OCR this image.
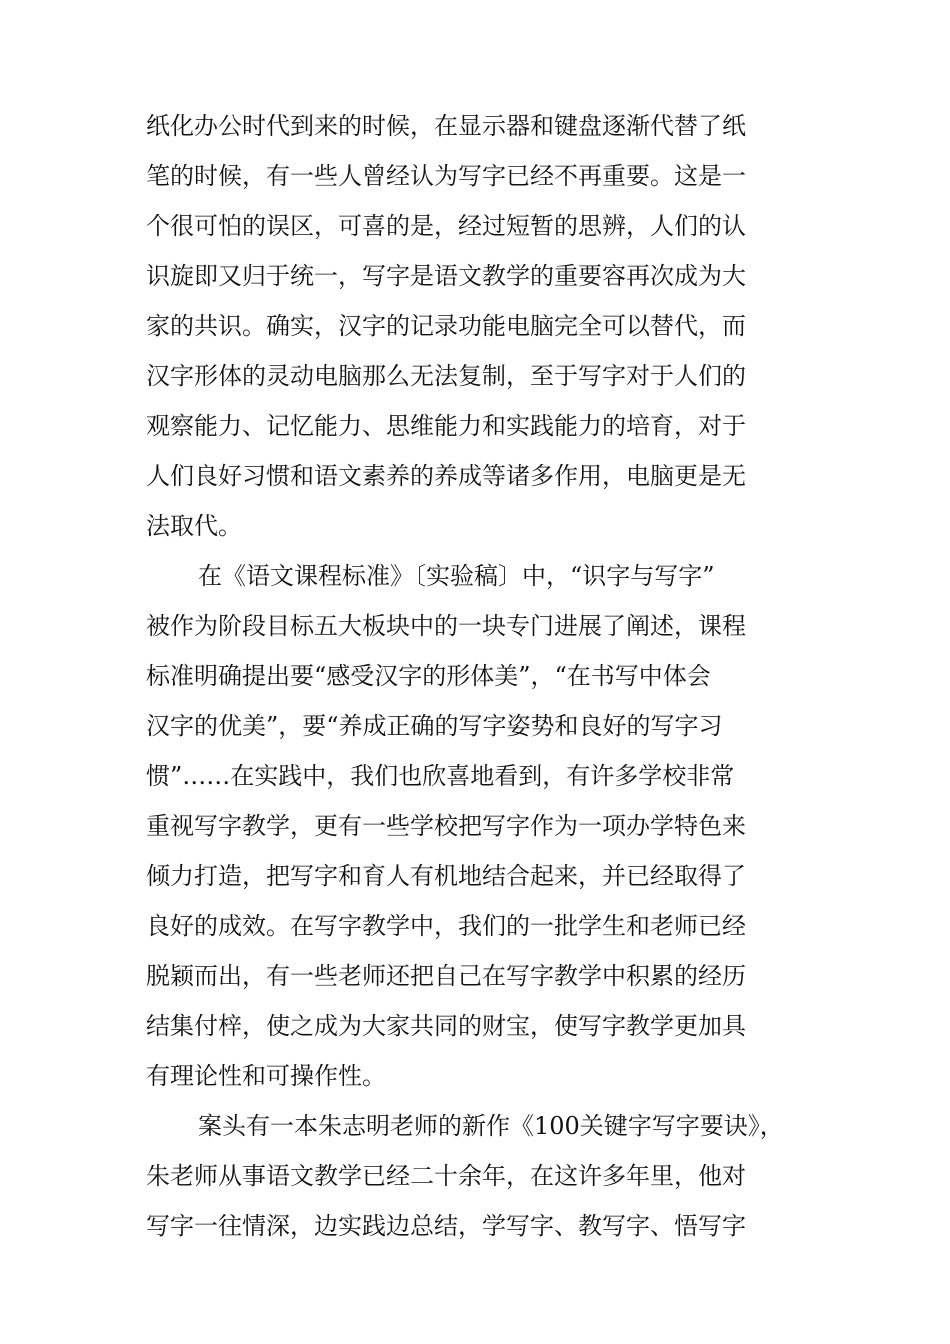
纸化办公时代到来的时候，在显示器和键盘逐渐代替了纸
笔的时候，有一些人曾经认为写字已经不再重要。这是一
个很可怕的误区，可喜的是，经过短暂的思辨，人们的认
识旋即又归于统一，写字是语文教学的重要容再次成为大
家的共识。确实，汉字的记录功能电脑完全可以替代，而
汉字形体的灵动电脑那么无法复制，至于写字对于人们的
观察能力、记忆能力、思维能力和实践能力的培育，对于
人们良好习惯和语文素养的养成等诸多作用，电脑更是无
法取代。
在《语文课程标准》〔实验稿〕中，“识字与写字”
被作为阶段目标五大板块中的一块专门进展了阐述，课程
标准明确提出要“感受汉字的形体美”，“在书写中体会
汉字的优美”，要“养成正确的写字姿势和良好的写字习
惯”……在实践中，我们也欣喜地看到，有许多学校非常
重视写字教学，更有一些学校把写字作为一项办学特色来
倾力打造，把写字和育人有机地结合起来，并已经取得了
良好的成效。在写字教学中，我们的一批学生和老师已经
脱颖而出，有一些老师还把自己在写字教学中积累的经历
结集付梓，使之成为大家共同的财宝，使写字教学更加具
有理论性和可操作性。
案头有一本朱志明老师的新作《100关键字写字要诀》，
朱老师从事语文教学已经二十余年，在这许多年里，他对
写字一往情深，边实践边总结，学写字、教写字、悟写字
